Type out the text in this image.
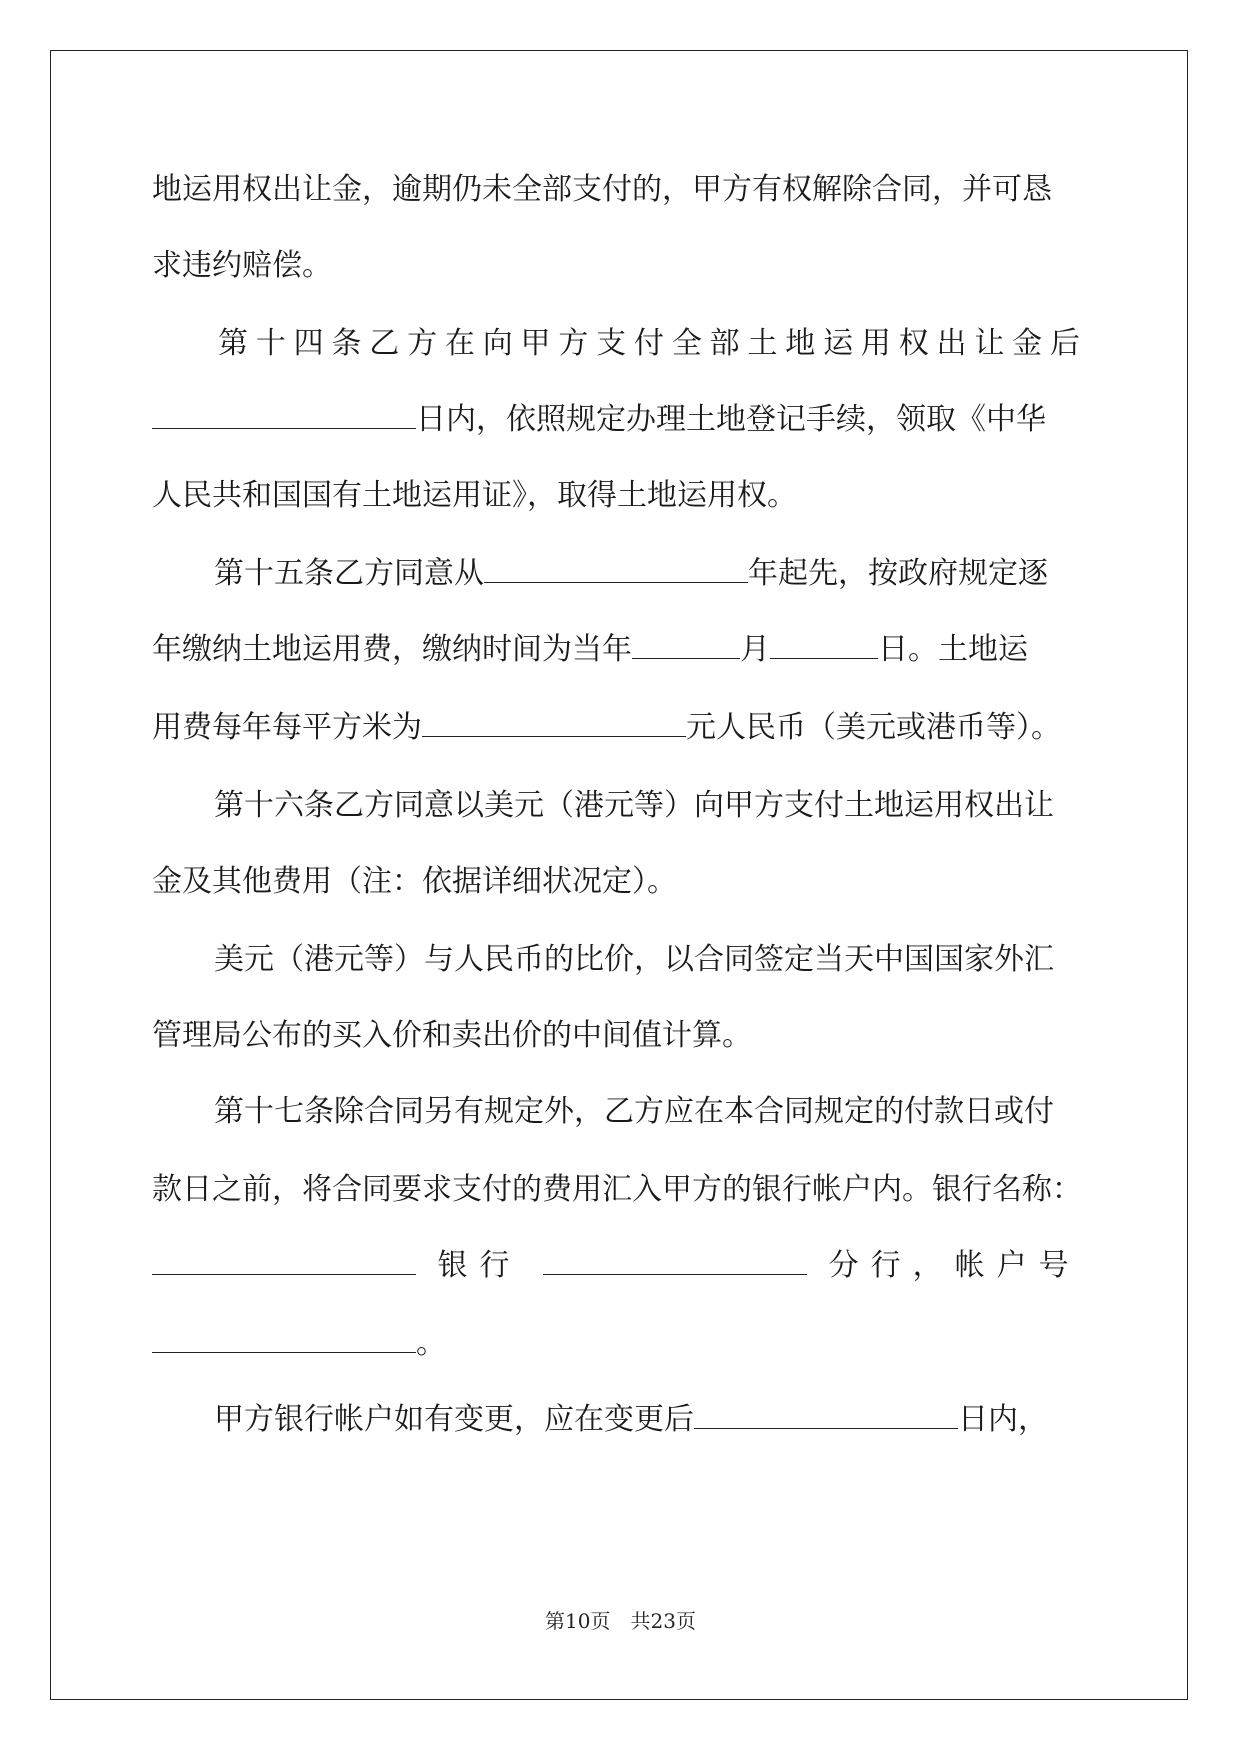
地运用权出让金，逾期仍未全部支付的，甲方有权解除合同，并可恳
求违约赔偿。
第十四条乙方在向甲方支付全部土地运用权出让金后
日内，依照规定办理土地登记手续，领取《中华
人民共和国国有土地运用证》，取得土地运用权。
第十五条乙方同意从	年起先，按政府规定逐
年缴纳土地运用费，缴纳时间为当年	月	日。土地运
用费每年每平方米为	元人民币（美元或港币等）。
第十六条乙方同意以美元（港元等）向甲方支付土地运用权出让
金及其他费用（注：依据详细状况定）。
美元（港元等）与人民币的比价，以合同签定当天中国国家外汇
管理局公布的买入价和卖出价的中间值计算。
第十七条除合同另有规定外，乙方应在本合同规定的付款日或付
款日之前，将合同要求支付的费用汇入甲方的银行帐户内。银行名称：
银行	分行，帐户号
。
甲方银行帐户如有变更，应在变更后	日内，
第10页　共23页
